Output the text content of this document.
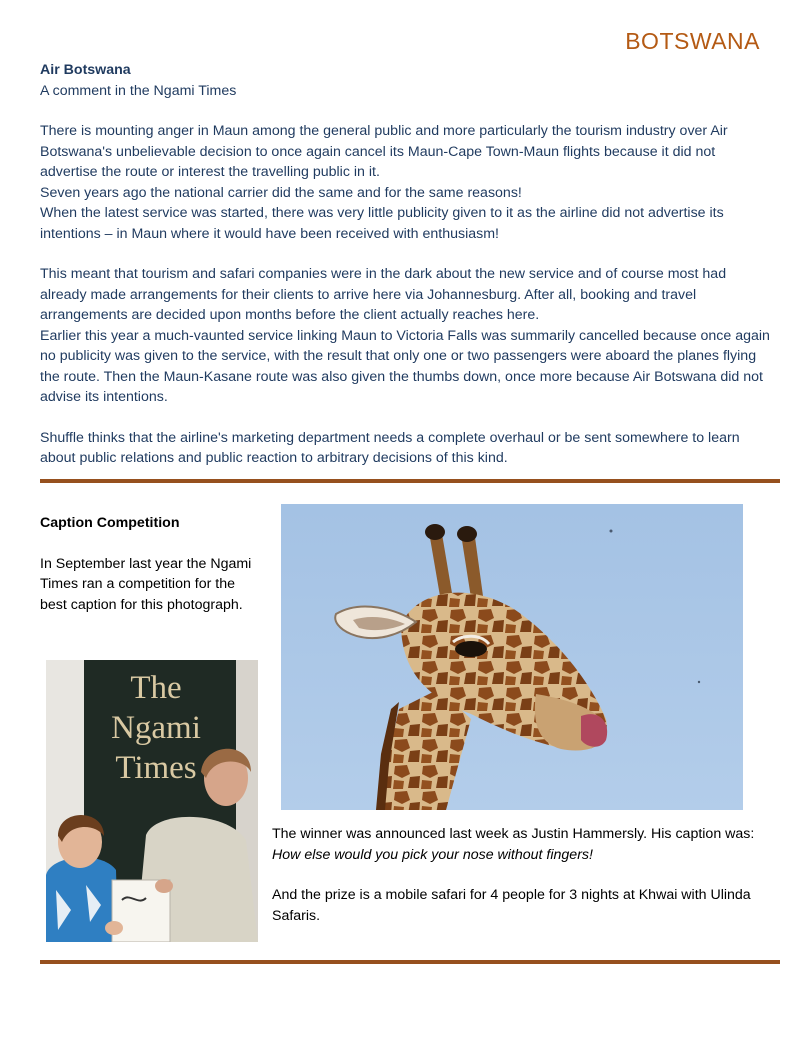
BOTSWANA
Air Botswana
A comment in the Ngami Times
There is mounting anger in Maun among the general public and more particularly the tourism industry over Air Botswana's unbelievable decision to once again cancel its Maun-Cape Town-Maun flights because it did not advertise the route or interest the travelling public in it.
Seven years ago the national carrier did the same and for the same reasons!
When the latest service was started, there was very little publicity given to it as the airline did not advertise its intentions – in Maun where it would have been received with enthusiasm!
This meant that tourism and safari companies were in the dark about the new service and of course most had already made arrangements for their clients to arrive here via Johannesburg. After all, booking and travel arrangements are decided upon months before the client actually reaches here.
Earlier this year a much-vaunted service linking Maun to Victoria Falls was summarily cancelled because once again no publicity was given to the service, with the result that only one or two passengers were aboard the planes flying the route. Then the Maun-Kasane route was also given the thumbs down, once more because Air Botswana did not advise its intentions.
Shuffle thinks that the airline's marketing department needs a complete overhaul or be sent somewhere to learn about public relations and public reaction to arbitrary decisions of this kind.
Caption Competition
In September last year the Ngami Times ran a competition for the best caption for this photograph.
The
Ngami
Times
The winner was announced last week as Justin Hammersly. His caption was: How else would you pick your nose without fingers!
And the prize is a mobile safari for 4 people for 3 nights at Khwai with Ulinda Safaris.
